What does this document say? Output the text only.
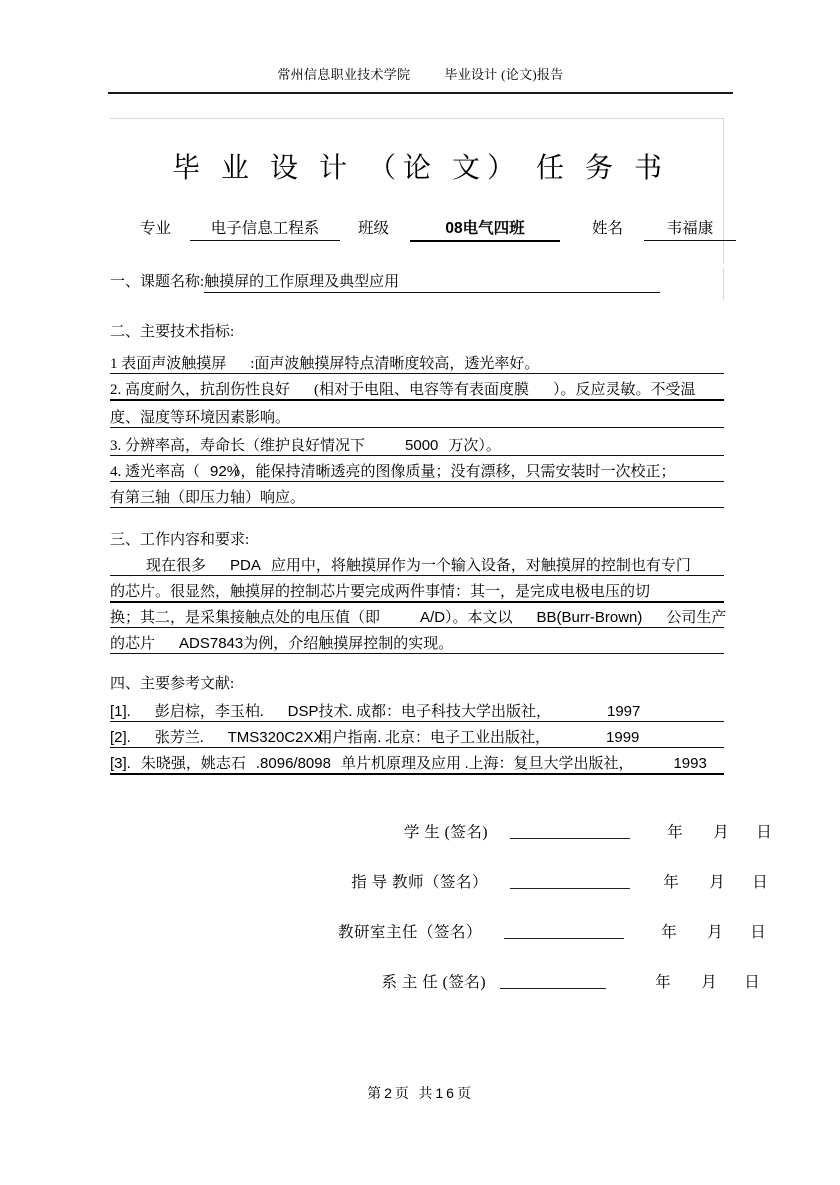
常州信息职业技术学院	毕业设计 (论文)报告
毕 业 设 计 （论 文） 任 务 书
专业	电子信息工程系	班级	08电气四班	姓名	韦福康
一、课题名称:触摸屏的工作原理及典型应用
二、主要技术指标:
1 表面声波触摸屏 :面声波触摸屏特点清晰度较高，透光率好。
2. 高度耐久，抗刮伤性良好 (相对于电阻、电容等有表面度膜 ）。反应灵敏。不受温
度、湿度等环境因素影响。
3. 分辨率高，寿命长（维护良好情况下	5000 万次）。
4. 透光率高（ 92%），能保持清晰透亮的图像质量；没有漂移，只需安装时一次校正；
有第三轴（即压力轴）响应。
三、工作内容和要求:
现在很多 PDA 应用中，将触摸屏作为一个输入设备，对触摸屏的控制也有专门
的芯片。很显然，触摸屏的控制芯片要完成两件事情：其一，是完成电极电压的切
换；其二，是采集接触点处的电压值（即	A/D）。本文以 BB(Burr-Brown) 公司生产
的芯片 ADS7843为例，介绍触摸屏控制的实现。
四、主要参考文献:
[1]. 彭启棕，李玉柏. DSP技术. 成都：电子科技大学出版社，	1997
[2]. 张芳兰. TMS320C2XX用户指南. 北京：电子工业出版社，	1999
[3]. 朱晓强，姚志石 .8096/8098 单片机原理及应用 .上海：复旦大学出版社，	1993
学 生 (签名)	年 月 日
指 导 教师（签名）	年 月 日
教研室主任（签名）	年 月 日
系 主 任 (签名)	年 月 日
第2页 共16页
